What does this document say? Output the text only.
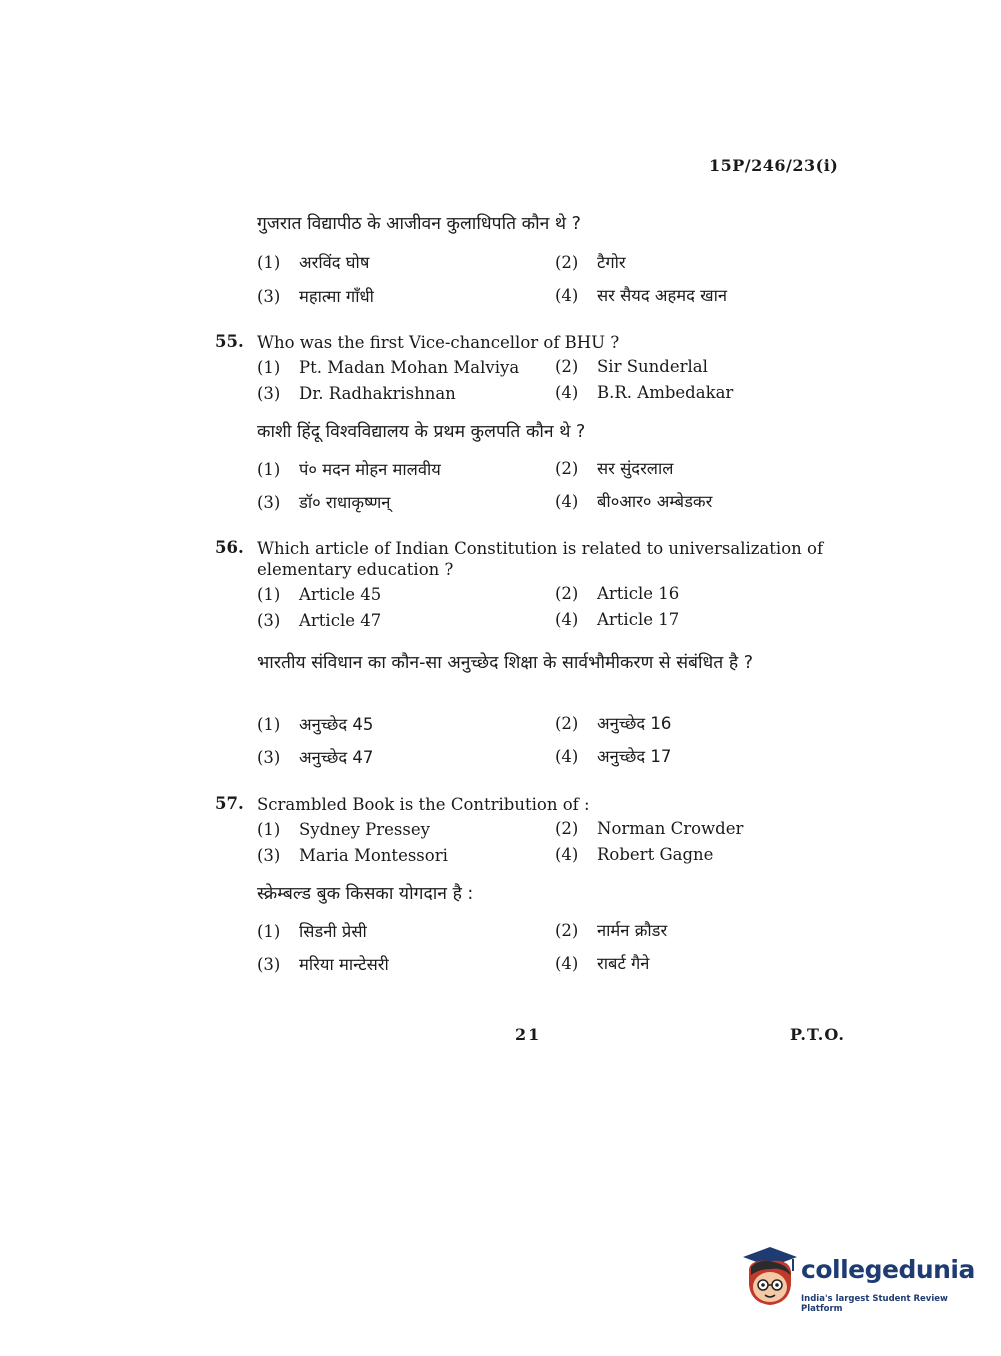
15P/246/23(i)
गुजरात विद्यापीठ के आजीवन कुलाधिपति कौन थे ?
(1) अरविंद घोष	(2) टैगोर
(3) महात्मा गाँधी	(4) सर सैयद अहमद खान
55. Who was the first Vice-chancellor of BHU ?
(1) Pt. Madan Mohan Malviya (2) Sir Sunderlal
(3) Dr. Radhakrishnan	(4) B.R. Ambedakar
काशी हिंदू विश्वविद्यालय के प्रथम कुलपति कौन थे ?
(1) पं० मदन मोहन मालवीय	(2) सर सुंदरलाल
(3) डॉ० राधाकृष्णन्	(4) बी०आर० अम्बेडकर
56. Which article of Indian Constitution is related to universalization of elementary education ?
(1) Article 45	(2) Article 16
(3) Article 47	(4) Article 17
भारतीय संविधान का कौन-सा अनुच्छेद शिक्षा के सार्वभौमीकरण से संबंधित है ?
(1) अनुच्छेद 45	(2) अनुच्छेद 16
(3) अनुच्छेद 47	(4) अनुच्छेद 17
57. Scrambled Book is the Contribution of :
(1) Sydney Pressey	(2) Norman Crowder
(3) Maria Montessori	(4) Robert Gagne
स्क्रेम्बल्ड बुक किसका योगदान है :
(1) सिडनी प्रेसी	(2) नार्मन क्रौडर
(3) मरिया मान्टेसरी	(4) राबर्ट गैने
21	P.T.O.
collegedunia
India's largest Student Review Platform
